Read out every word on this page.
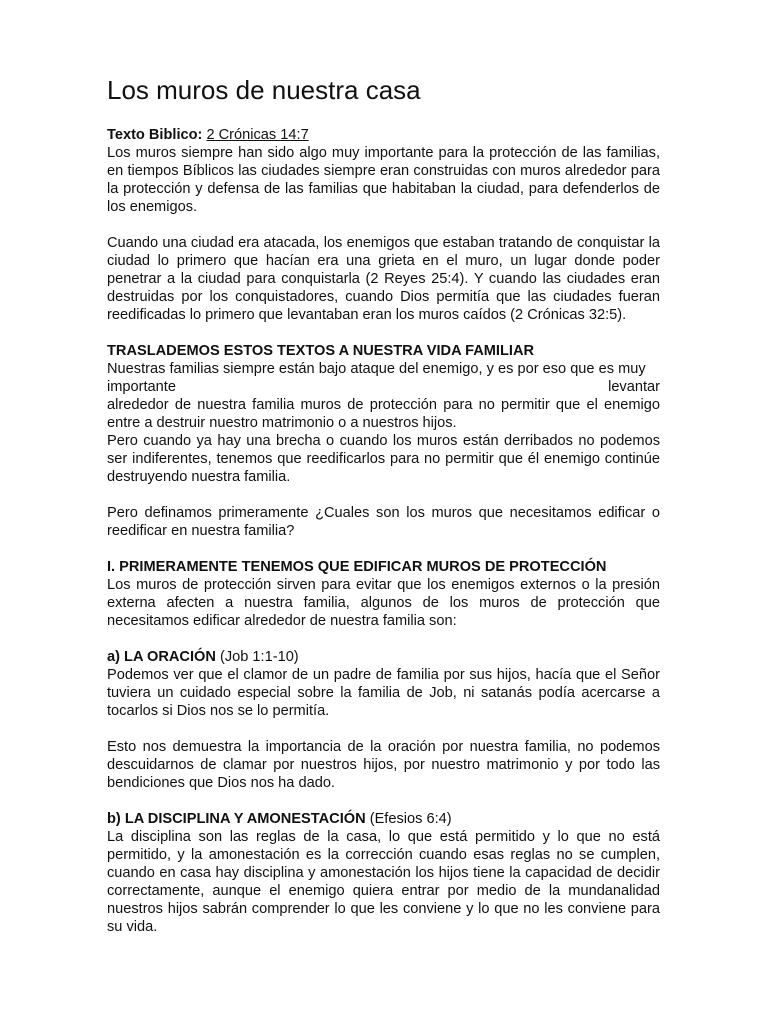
Los muros de nuestra casa

Texto Biblico: 2 Crónicas 14:7

Los muros siempre han sido algo muy importante para la protección de las familias, en tiempos Bíblicos las ciudades siempre eran construidas con muros alrededor para la protección y defensa de las familias que habitaban la ciudad, para defenderlos de los enemigos.

Cuando una ciudad era atacada, los enemigos que estaban tratando de conquistar la ciudad lo primero que hacían era una grieta en el muro, un lugar donde poder penetrar a la ciudad para conquistarla (2 Reyes 25:4). Y cuando las ciudades eran destruidas por los conquistadores, cuando Dios permitía que las ciudades fueran reedificadas lo primero que levantaban eran los muros caídos (2 Crónicas 32:5).

TRASLADEMOS ESTOS TEXTOS A NUESTRA VIDA FAMILIAR

Nuestras familias siempre están bajo ataque del enemigo, y es por eso que es muy

importante	levantar

alrededor de nuestra familia muros de protección para no permitir que el enemigo entre a destruir nuestro matrimonio o a nuestros hijos.

Pero cuando ya hay una brecha o cuando los muros están derribados no podemos ser indiferentes, tenemos que reedificarlos para no permitir que él enemigo continúe destruyendo nuestra familia.

Pero definamos primeramente ¿Cuales son los muros que necesitamos edificar o reedificar en nuestra familia?

I. PRIMERAMENTE TENEMOS QUE EDIFICAR MUROS DE PROTECCIÓN

Los muros de protección sirven para evitar que los enemigos externos o la presión externa afecten a nuestra familia, algunos de los muros de protección que necesitamos edificar alrededor de nuestra familia son:

a) LA ORACIÓN (Job 1:1-10)

Podemos ver que el clamor de un padre de familia por sus hijos, hacía que el Señor tuviera un cuidado especial sobre la familia de Job, ni satanás podía acercarse a tocarlos si Dios nos se lo permitía.

Esto nos demuestra la importancia de la oración por nuestra familia, no podemos descuidarnos de clamar por nuestros hijos, por nuestro matrimonio y por todo las bendiciones que Dios nos ha dado.

b) LA DISCIPLINA Y AMONESTACIÓN (Efesios 6:4)

La disciplina son las reglas de la casa, lo que está permitido y lo que no está permitido, y la amonestación es la corrección cuando esas reglas no se cumplen, cuando en casa hay disciplina y amonestación los hijos tiene la capacidad de decidir correctamente, aunque el enemigo quiera entrar por medio de la mundanalidad nuestros hijos sabrán comprender lo que les conviene y lo que no les conviene para su vida.
